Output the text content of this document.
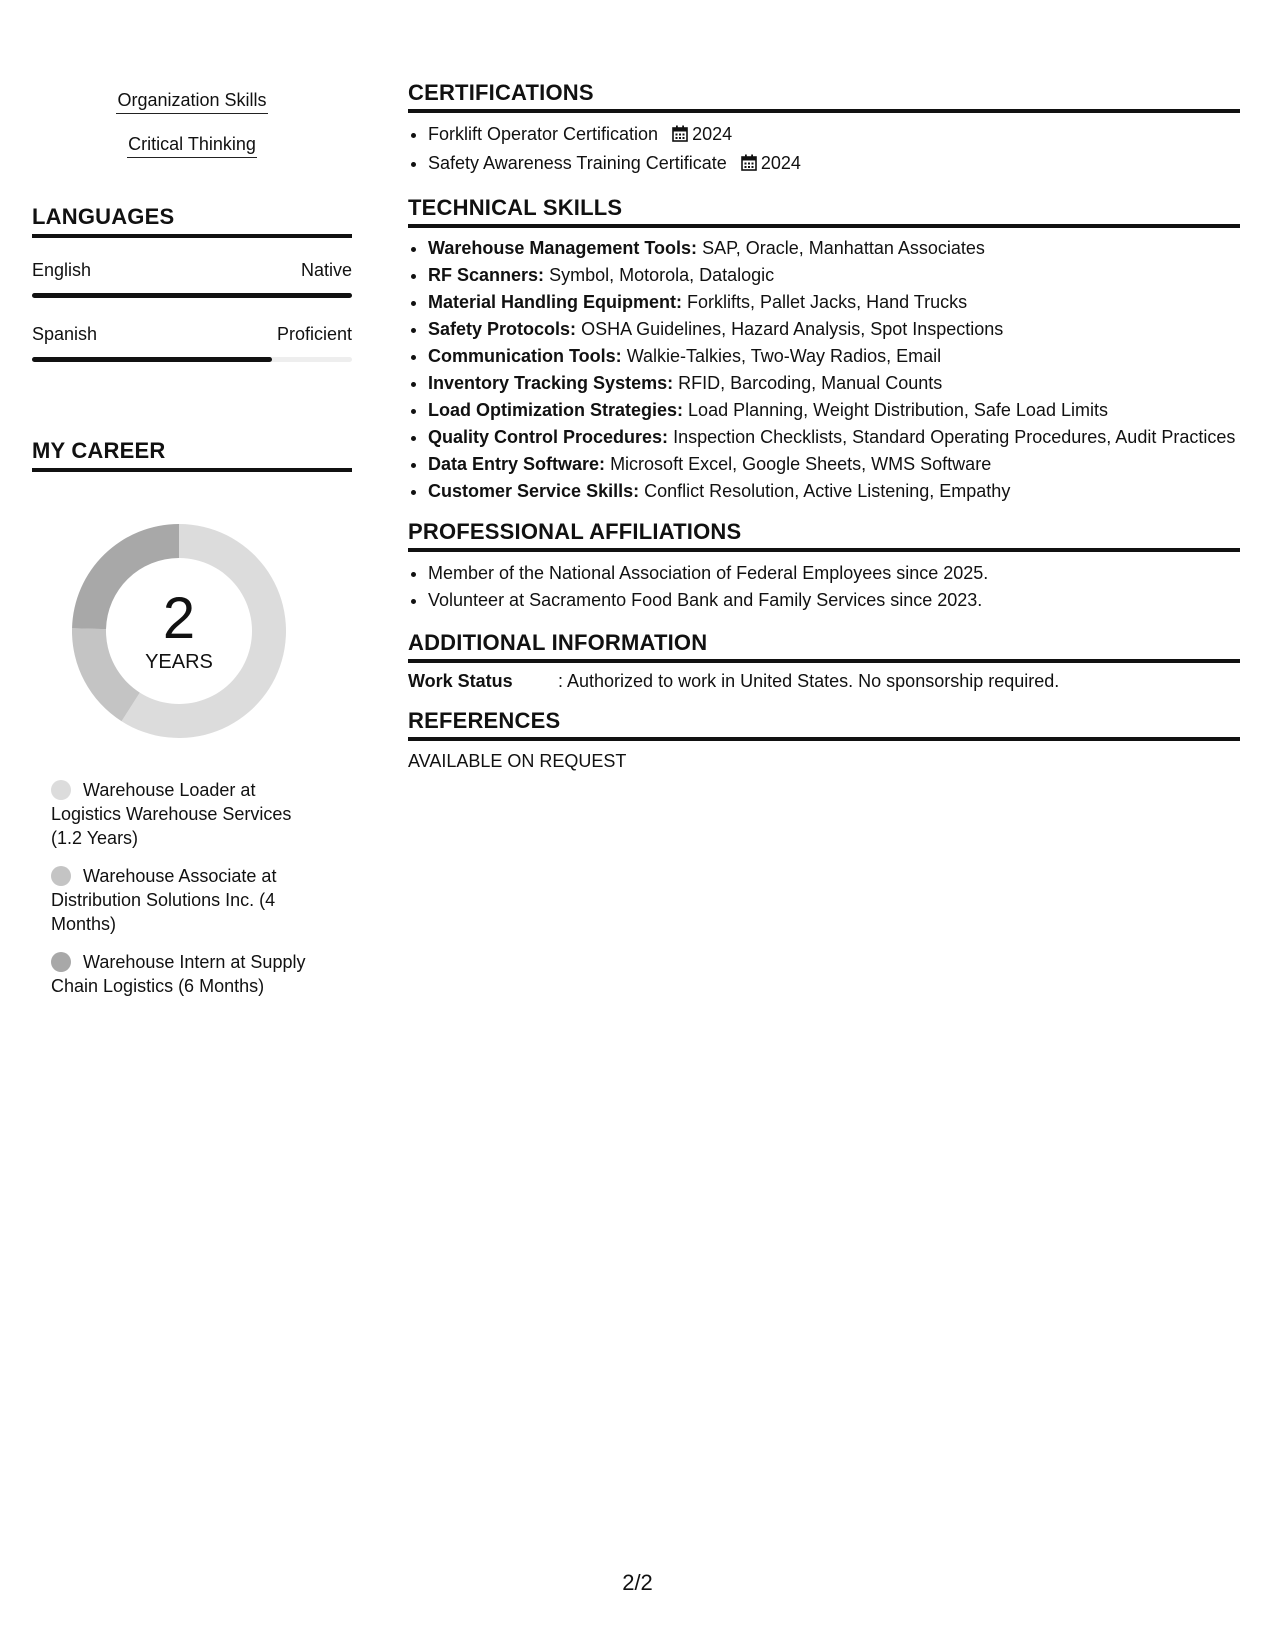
Organization Skills
Critical Thinking
LANGUAGES
English	Native
Spanish	Proficient
MY CAREER
2
YEARS
Warehouse Loader at Logistics Warehouse Services (1.2 Years)
Warehouse Associate at Distribution Solutions Inc. (4 Months)
Warehouse Intern at Supply Chain Logistics (6 Months)
CERTIFICATIONS
• Forklift Operator Certification 2024
• Safety Awareness Training Certificate 2024
TECHNICAL SKILLS
• Warehouse Management Tools: SAP, Oracle, Manhattan Associates
• RF Scanners: Symbol, Motorola, Datalogic
• Material Handling Equipment: Forklifts, Pallet Jacks, Hand Trucks
• Safety Protocols: OSHA Guidelines, Hazard Analysis, Spot Inspections
• Communication Tools: Walkie-Talkies, Two-Way Radios, Email
• Inventory Tracking Systems: RFID, Barcoding, Manual Counts
• Load Optimization Strategies: Load Planning, Weight Distribution, Safe Load Limits
• Quality Control Procedures: Inspection Checklists, Standard Operating Procedures, Audit Practices
• Data Entry Software: Microsoft Excel, Google Sheets, WMS Software
• Customer Service Skills: Conflict Resolution, Active Listening, Empathy
PROFESSIONAL AFFILIATIONS
• Member of the National Association of Federal Employees since 2025.
• Volunteer at Sacramento Food Bank and Family Services since 2023.
ADDITIONAL INFORMATION
Work Status	: Authorized to work in United States. No sponsorship required.
REFERENCES
AVAILABLE ON REQUEST
2/2
